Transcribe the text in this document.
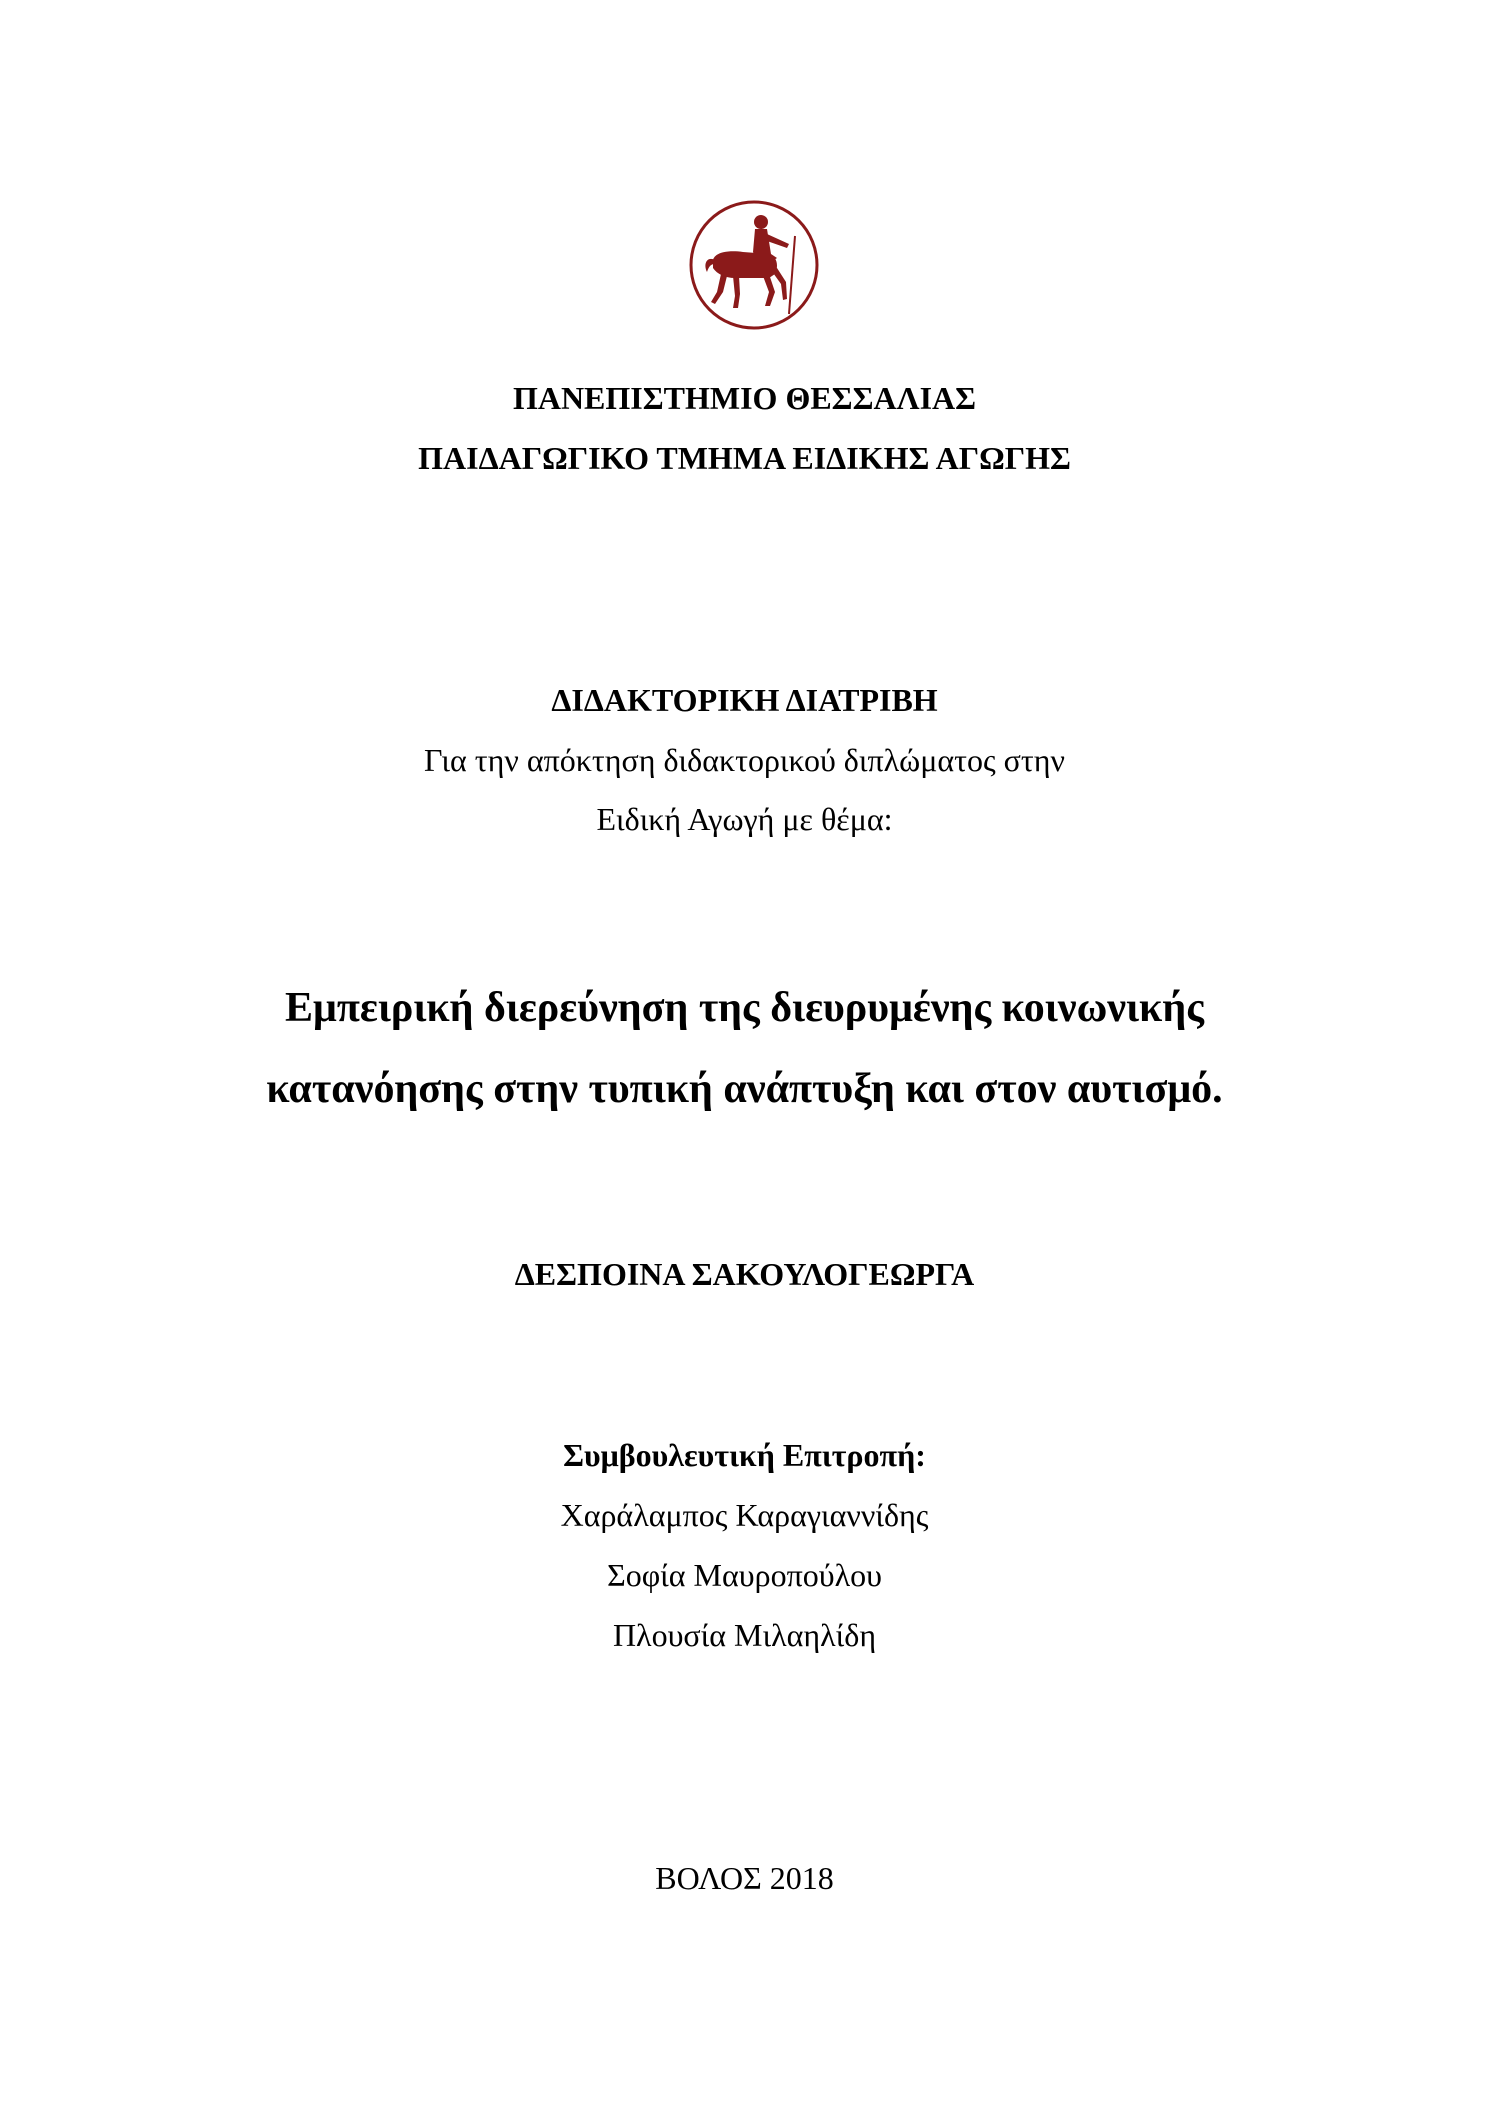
ΠΑΝΕΠΙΣΤΗΜΙΟ ΘΕΣΣΑΛΙΑΣ
ΠΑΙΔΑΓΩΓΙΚΟ ΤΜΗΜΑ ΕΙΔΙΚΗΣ ΑΓΩΓΗΣ
ΔΙΔΑΚΤΟΡΙΚΗ ΔΙΑΤΡΙΒΗ
Για την απόκτηση διδακτορικού διπλώματος στην
Ειδική Αγωγή με θέμα:
Εμπειρική διερεύνηση της διευρυμένης κοινωνικής
κατανόησης στην τυπική ανάπτυξη και στον αυτισμό.
ΔΕΣΠΟΙΝΑ ΣΑΚΟΥΛΟΓΕΩΡΓΑ
Συμβουλευτική Επιτροπή:
Χαράλαμπος Καραγιαννίδης
Σοφία Μαυροπούλου
Πλουσία Μιλαηλίδη
ΒΟΛΟΣ 2018
